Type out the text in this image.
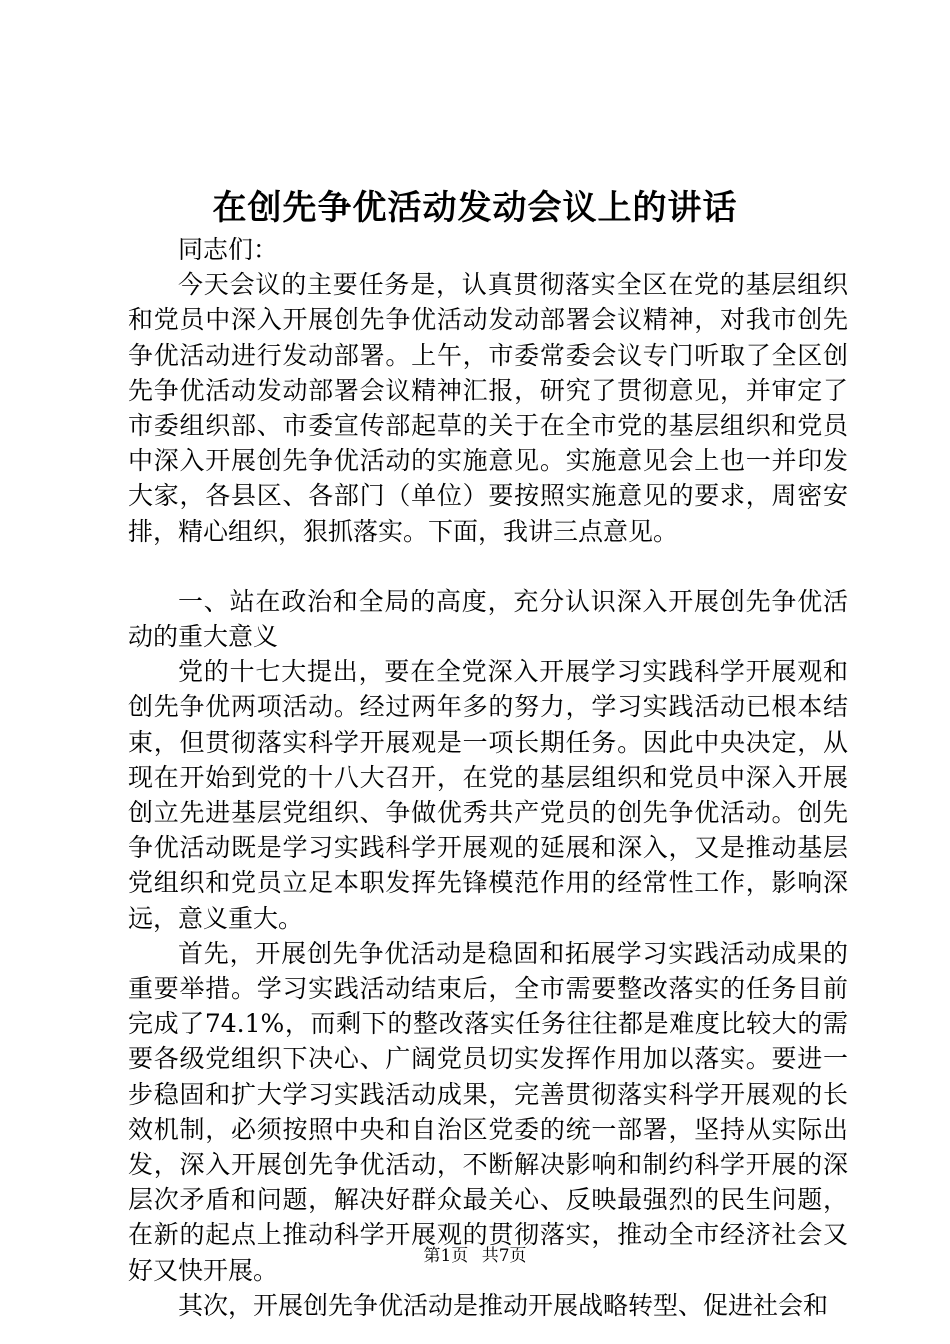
在创先争优活动发动会议上的讲话

同志们：

今天会议的主要任务是，认真贯彻落实全区在党的基层组织和党员中深入开展创先争优活动发动部署会议精神，对我市创先争优活动进行发动部署。上午，市委常委会议专门听取了全区创先争优活动发动部署会议精神汇报，研究了贯彻意见，并审定了市委组织部、市委宣传部起草的关于在全市党的基层组织和党员中深入开展创先争优活动的实施意见。实施意见会上也一并印发大家，各县区、各部门（单位）要按照实施意见的要求，周密安排，精心组织，狠抓落实。下面，我讲三点意见。

一、站在政治和全局的高度，充分认识深入开展创先争优活动的重大意义

党的十七大提出，要在全党深入开展学习实践科学开展观和创先争优两项活动。经过两年多的努力，学习实践活动已根本结束，但贯彻落实科学开展观是一项长期任务。因此中央决定，从现在开始到党的十八大召开，在党的基层组织和党员中深入开展创立先进基层党组织、争做优秀共产党员的创先争优活动。创先争优活动既是学习实践科学开展观的延展和深入，又是推动基层党组织和党员立足本职发挥先锋模范作用的经常性工作，影响深远，意义重大。

首先，开展创先争优活动是稳固和拓展学习实践活动成果的重要举措。学习实践活动结束后，全市需要整改落实的任务目前完成了74.1%，而剩下的整改落实任务往往都是难度比较大的需要各级党组织下决心、广阔党员切实发挥作用加以落实。要进一步稳固和扩大学习实践活动成果，完善贯彻落实科学开展观的长效机制，必须按照中央和自治区党委的统一部署，坚持从实际出发，深入开展创先争优活动，不断解决影响和制约科学开展的深层次矛盾和问题，解决好群众最关心、反映最强烈的民生问题，在新的起点上推动科学开展观的贯彻落实，推动全市经济社会又好又快开展。

其次，开展创先争优活动是推动开展战略转型、促进社会和

第1页 共7页
